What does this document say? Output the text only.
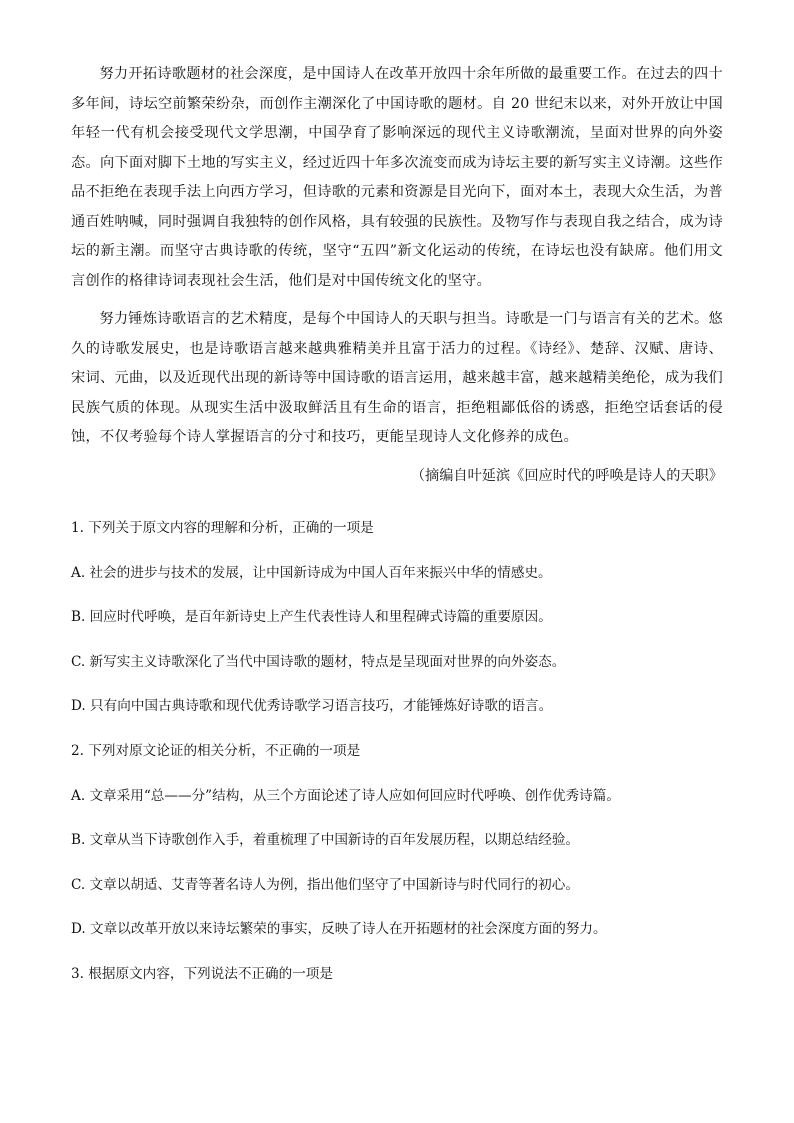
努力开拓诗歌题材的社会深度，是中国诗人在改革开放四十余年所做的最重要工作。在过去的四十多年间，诗坛空前繁荣纷杂，而创作主潮深化了中国诗歌的题材。自 20 世纪末以来，对外开放让中国年轻一代有机会接受现代文学思潮，中国孕育了影响深远的现代主义诗歌潮流，呈面对世界的向外姿态。向下面对脚下土地的写实主义，经过近四十年多次流变而成为诗坛主要的新写实主义诗潮。这些作品不拒绝在表现手法上向西方学习，但诗歌的元素和资源是目光向下，面对本土，表现大众生活，为普通百姓呐喊，同时强调自我独特的创作风格，具有较强的民族性。及物写作与表现自我之结合，成为诗坛的新主潮。而坚守古典诗歌的传统，坚守“五四”新文化运动的传统，在诗坛也没有缺席。他们用文言创作的格律诗词表现社会生活，他们是对中国传统文化的坚守。

努力锤炼诗歌语言的艺术精度，是每个中国诗人的天职与担当。诗歌是一门与语言有关的艺术。悠久的诗歌发展史，也是诗歌语言越来越典雅精美并且富于活力的过程。《诗经》、楚辞、汉赋、唐诗、宋词、元曲，以及近现代出现的新诗等中国诗歌的语言运用，越来越丰富，越来越精美绝伦，成为我们民族气质的体现。从现实生活中汲取鲜活且有生命的语言，拒绝粗鄙低俗的诱惑，拒绝空话套话的侵蚀，不仅考验每个诗人掌握语言的分寸和技巧，更能呈现诗人文化修养的成色。

（摘编自叶延滨《回应时代的呼唤是诗人的天职》

1. 下列关于原文内容的理解和分析，正确的一项是

A. 社会的进步与技术的发展，让中国新诗成为中国人百年来振兴中华的情感史。

B. 回应时代呼唤，是百年新诗史上产生代表性诗人和里程碑式诗篇的重要原因。

C. 新写实主义诗歌深化了当代中国诗歌的题材，特点是呈现面对世界的向外姿态。

D. 只有向中国古典诗歌和现代优秀诗歌学习语言技巧，才能锤炼好诗歌的语言。

2. 下列对原文论证的相关分析，不正确的一项是

A. 文章采用“总——分”结构，从三个方面论述了诗人应如何回应时代呼唤、创作优秀诗篇。

B. 文章从当下诗歌创作入手，着重梳理了中国新诗的百年发展历程，以期总结经验。

C. 文章以胡适、艾青等著名诗人为例，指出他们坚守了中国新诗与时代同行的初心。

D. 文章以改革开放以来诗坛繁荣的事实，反映了诗人在开拓题材的社会深度方面的努力。

3. 根据原文内容，下列说法不正确的一项是
